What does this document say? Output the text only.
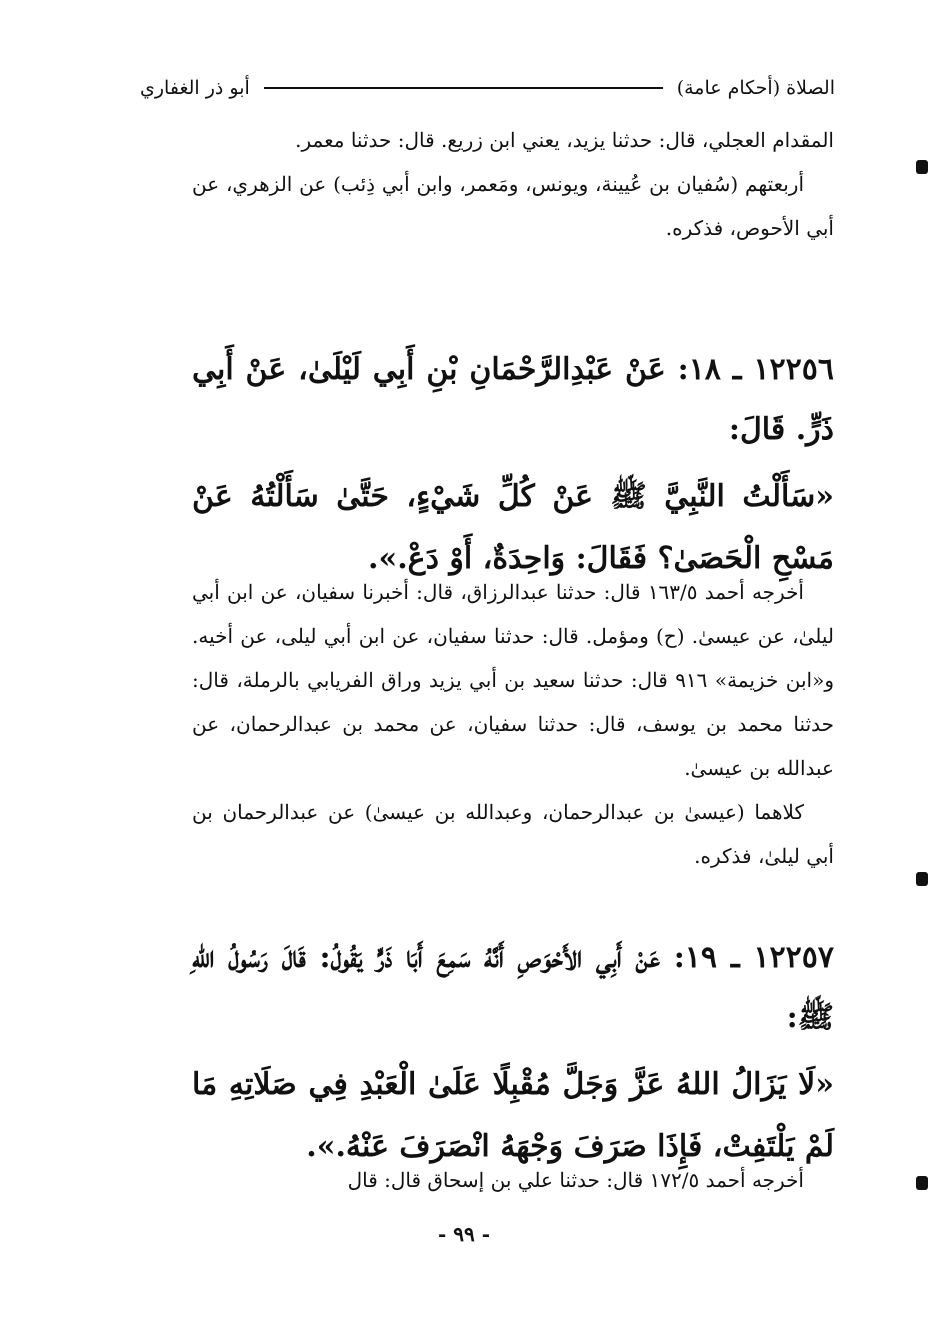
الصلاة (أحكام عامة)
أبو ذر الغفاري

المقدام العجلي، قال: حدثنا يزيد، يعني ابن زريع. قال: حدثنا معمر.

أربعتهم (سُفيان بن عُيينة، ويونس، ومَعمر، وابن أبي ذِئب) عن الزهري، عن أبي الأحوص، فذكره.

١٢٢٥٦ ـ ١٨: عَنْ عَبْدِالرَّحْمَانِ بْنِ أَبِي لَيْلَىٰ، عَنْ أَبِي ذَرٍّ. قَالَ:

«سَأَلْتُ النَّبِيَّ ﷺ عَنْ كُلِّ شَيْءٍ، حَتَّىٰ سَأَلْتُهُ عَنْ مَسْحِ الْحَصَىٰ؟ فَقَالَ: وَاحِدَةٌ، أَوْ دَعْ.».

أخرجه أحمد ١٦٣/٥ قال: حدثنا عبدالرزاق، قال: أخبرنا سفيان، عن ابن أبي ليلىٰ، عن عيسىٰ. (ح) ومؤمل. قال: حدثنا سفيان، عن ابن أبي ليلى، عن أخيه. و«ابن خزيمة» ٩١٦ قال: حدثنا سعيد بن أبي يزيد وراق الفريابي بالرملة، قال: حدثنا محمد بن يوسف، قال: حدثنا سفيان، عن محمد بن عبدالرحمان، عن عبدالله بن عيسىٰ.

كلاهما (عيسىٰ بن عبدالرحمان، وعبدالله بن عيسىٰ) عن عبدالرحمان بن أبي ليلىٰ، فذكره.

١٢٢٥٧ ـ ١٩: عَنْ أَبِي الأَحْوَصِ أَنَّهُ سَمِعَ أَبَا ذَرٍّ يَقُولُ: قَالَ رَسُولُ اللهِ ﷺ:

«لَا يَزَالُ اللهُ عَزَّ وَجَلَّ مُقْبِلًا عَلَىٰ الْعَبْدِ فِي صَلَاتِهِ مَا لَمْ يَلْتَفِتْ، فَإِذَا صَرَفَ وَجْهَهُ انْصَرَفَ عَنْهُ.».

أخرجه أحمد ١٧٢/٥ قال: حدثنا علي بن إسحاق قال: قال

- ٩٩ -
